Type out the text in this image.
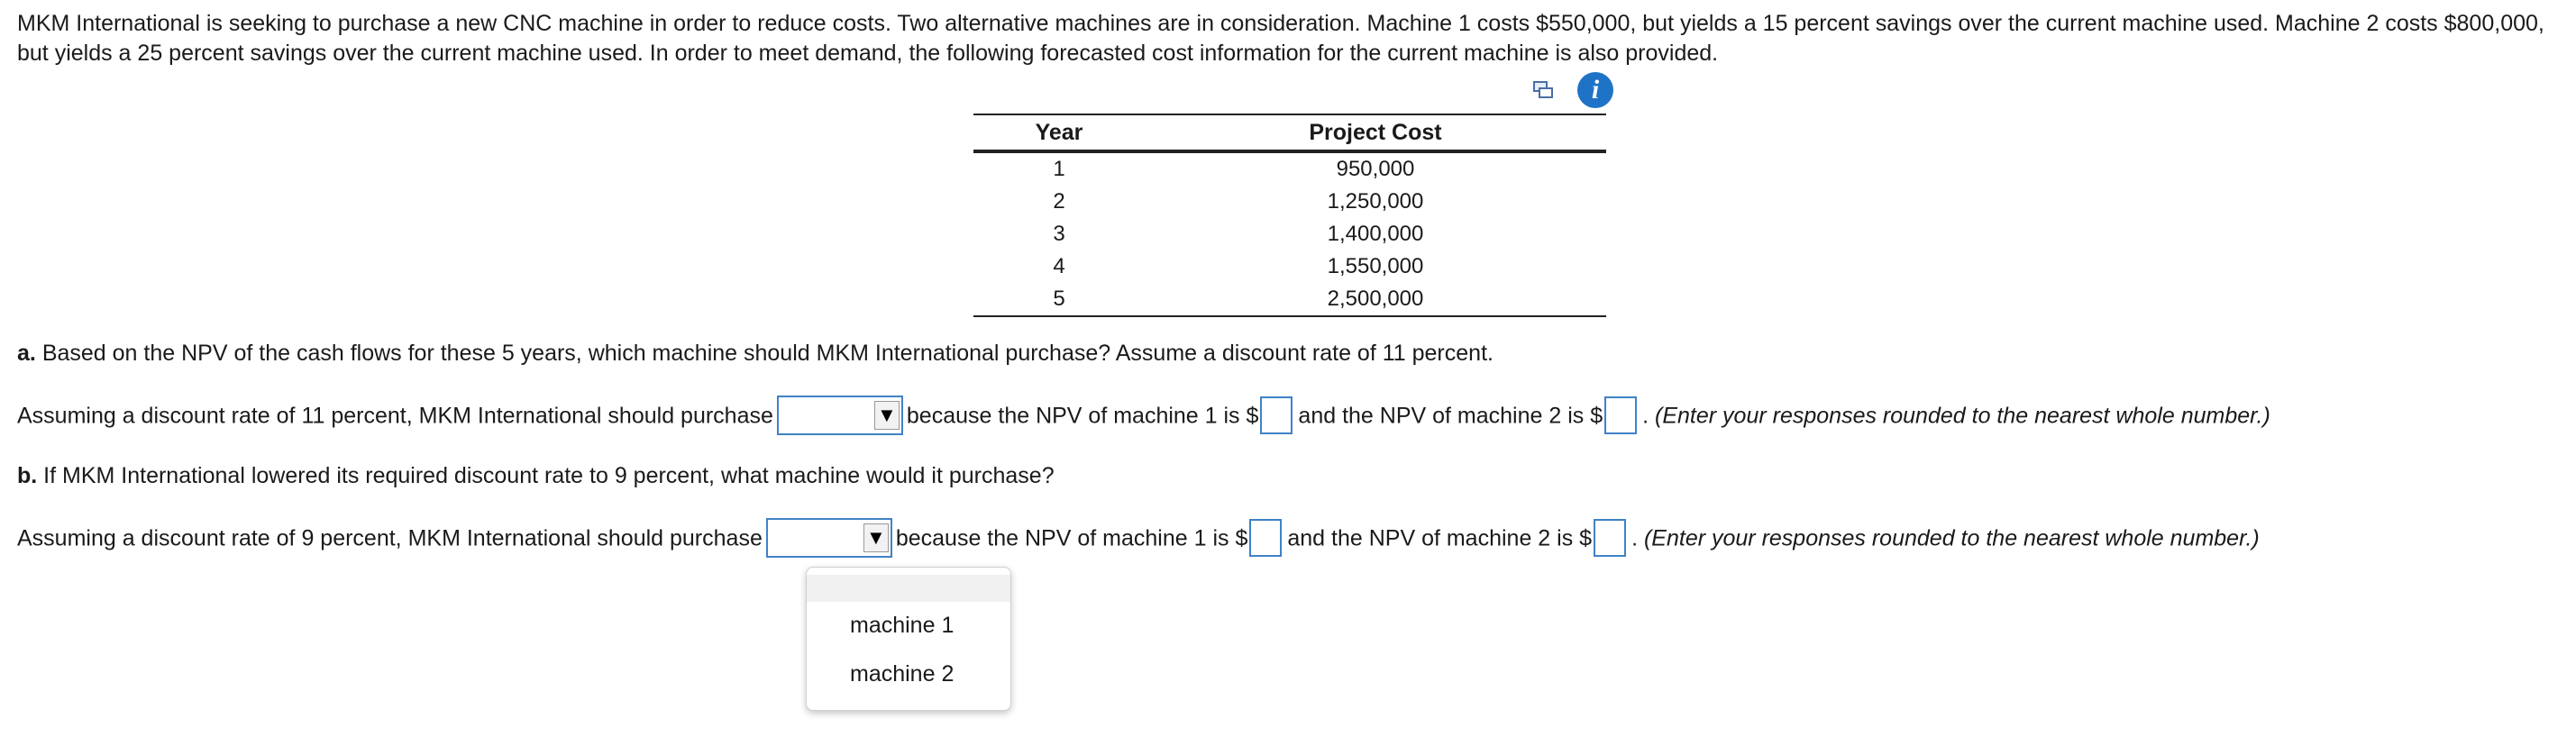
MKM International is seeking to purchase a new CNC machine in order to reduce costs. Two alternative machines are in consideration. Machine 1 costs $550,000, but yields a 15 percent savings over the current machine used. Machine 2 costs $800,000, but yields a 25 percent savings over the current machine used. In order to meet demand, the following forecasted cost information for the current machine is also provided.

i
Year	Project Cost
1	950,000
2	1,250,000
3	1,400,000
4	1,550,000
5	2,500,000

a. Based on the NPV of the cash flows for these 5 years, which machine should MKM International purchase? Assume a discount rate of 11 percent.

Assuming a discount rate of 11 percent, MKM International should purchase	▼ because the NPV of machine 1 is $ and the NPV of machine 2 is $ . (Enter your responses rounded to the nearest whole number.)

b. If MKM International lowered its required discount rate to 9 percent, what machine would it purchase?

Assuming a discount rate of 9 percent, MKM International should purchase	▼ because the NPV of machine 1 is $ and the NPV of machine 2 is $ . (Enter your responses rounded to the nearest whole number.)

machine 1
machine 2
